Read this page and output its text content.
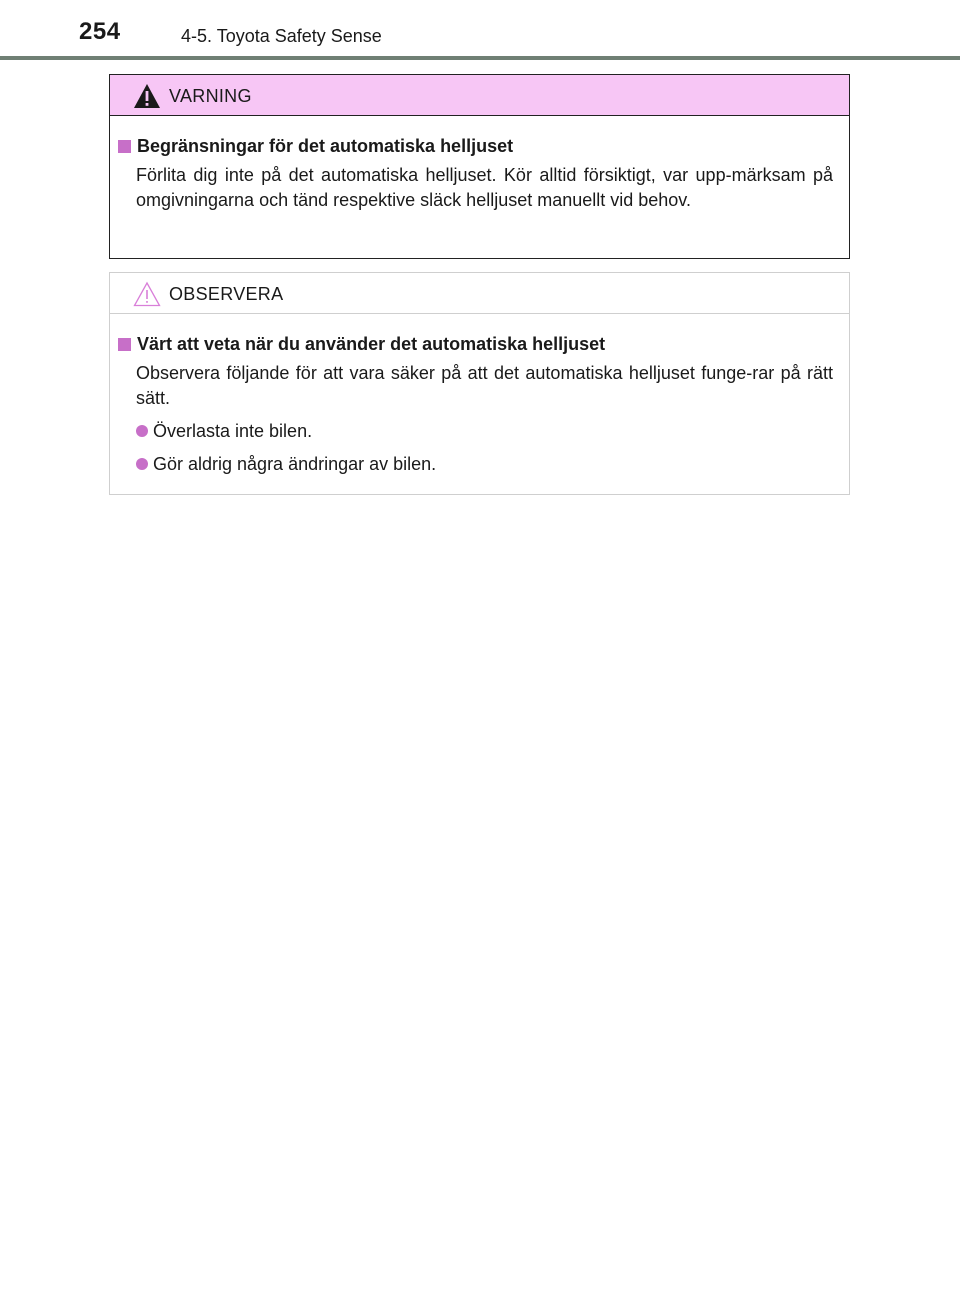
254	4-5. Toyota Safety Sense
VARNING
Begränsningar för det automatiska helljuset
Förlita dig inte på det automatiska helljuset. Kör alltid försiktigt, var upp-märksam på omgivningarna och tänd respektive släck helljuset manuellt vid behov.
OBSERVERA
Värt att veta när du använder det automatiska helljuset
Observera följande för att vara säker på att det automatiska helljuset funge-rar på rätt sätt.
Överlasta inte bilen.
Gör aldrig några ändringar av bilen.
